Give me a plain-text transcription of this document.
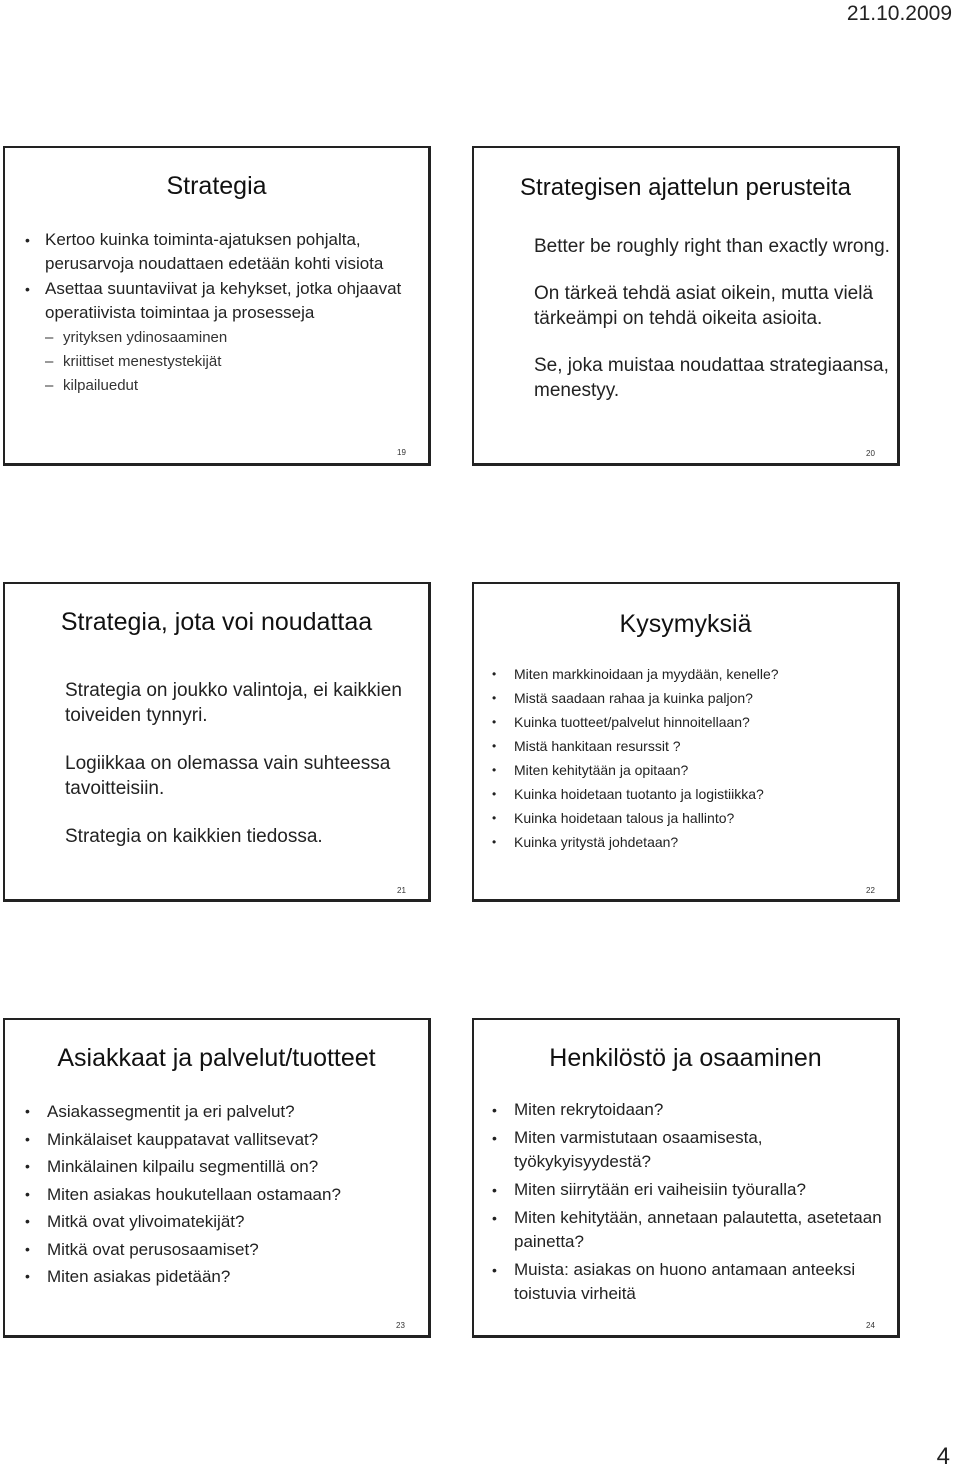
21.10.2009
Strategia
• Kertoo kuinka toiminta-ajatuksen pohjalta, perusarvoja noudattaen edetään kohti visiota
• Asettaa suuntaviivat ja kehykset, jotka ohjaavat operatiivista toimintaa ja prosesseja
– yrityksen ydinosaaminen
– kriittiset menestystekijät
– kilpailuedut
19
Strategisen ajattelun perusteita

Better be roughly right than exactly wrong.

On tärkeä tehdä asiat oikein, mutta vielä tärkeämpi on tehdä oikeita asioita.

Se, joka muistaa noudattaa strategiaansa, menestyy.

20
Strategia, jota voi noudattaa

Strategia on joukko valintoja, ei kaikkien toiveiden tynnyri.

Logiikkaa on olemassa vain suhteessa tavoitteisiin.

Strategia on kaikkien tiedossa.

21
Kysymyksiä
• Miten markkinoidaan ja myydään, kenelle?
• Mistä saadaan rahaa ja kuinka paljon?
• Kuinka tuotteet/palvelut hinnoitellaan?
• Mistä hankitaan resurssit ?
• Miten kehitytään ja opitaan?
• Kuinka hoidetaan tuotanto ja logistiikka?
• Kuinka hoidetaan talous ja hallinto?
• Kuinka yritystä johdetaan?
22
Asiakkaat ja palvelut/tuotteet
• Asiakassegmentit ja eri palvelut?
• Minkälaiset kauppatavat vallitsevat?
• Minkälainen kilpailu segmentillä on?
• Miten asiakas houkutellaan ostamaan?
• Mitkä ovat ylivoimatekijät?
• Mitkä ovat perusosaamiset?
• Miten asiakas pidetään?
23
Henkilöstö ja osaaminen
• Miten rekrytoidaan?
• Miten varmistutaan osaamisesta, työkykyisyydestä?
• Miten siirrytään eri vaiheisiin työuralla?
• Miten kehitytään, annetaan palautetta, asetetaan painetta?
• Muista: asiakas on huono antamaan anteeksi toistuvia virheitä
24
4
